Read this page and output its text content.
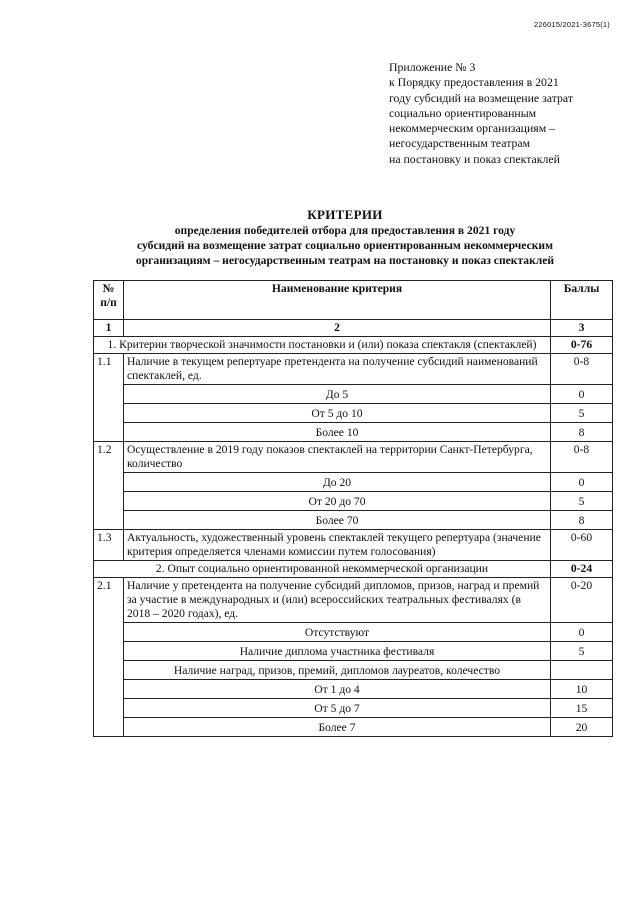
226015/2021-3675(1)
Приложение № 3
к Порядку предоставления в 2021
году субсидий на возмещение затрат
социально ориентированным
некоммерческим организациям –
негосударственным театрам
на постановку и показ спектаклей
КРИТЕРИИ
определения победителей отбора для предоставления в 2021 году
субсидий на возмещение затрат социально ориентированным некоммерческим
организациям – негосударственным театрам на постановку и показ спектаклей
№ п/п	Наименование критерия	Баллы
1	2	3
1. Критерии творческой значимости постановки и (или) показа спектакля (спектаклей)		0-76
1.1	Наличие в текущем репертуаре претендента на получение субсидий наименований спектаклей, ед.	0-8
	До 5	0
	От 5 до 10	5
	Более 10	8
1.2	Осуществление в 2019 году показов спектаклей на территории Санкт-Петербурга, количество	0-8
	До 20	0
	От 20 до 70	5
	Более 70	8
1.3	Актуальность, художественный уровень спектаклей текущего репертуара (значение критерия определяется членами комиссии путем голосования)	0-60
2. Опыт социально ориентированной некоммерческой организации		0-24
2.1	Наличие у претендента на получение субсидий дипломов, призов, наград и премий за участие в международных и (или) всероссийских театральных фестивалях (в 2018 – 2020 годах), ед.	0-20
	Отсутствуют	0
	Наличие диплома участника фестиваля	5
	Наличие наград, призов, премий, дипломов лауреатов, колечество	
	От 1 до 4	10
	От 5 до 7	15
	Более 7	20
